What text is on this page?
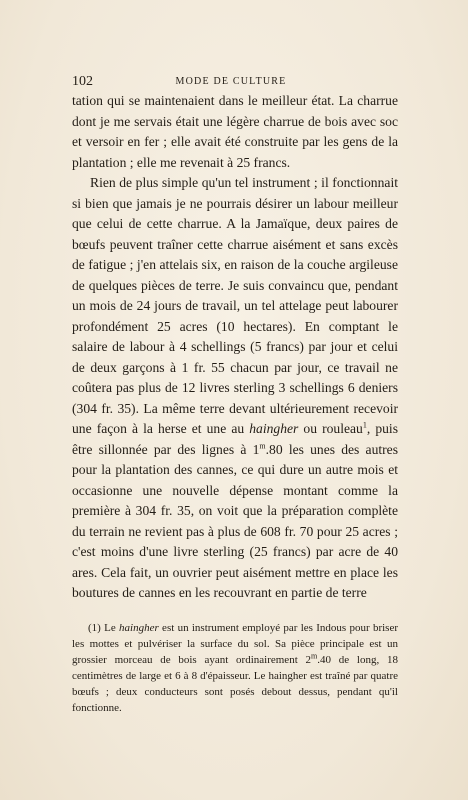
102	MODE DE CULTURE

tation qui se maintenaient dans le meilleur état. La charrue dont je me servais était une légère charrue de bois avec soc et versoir en fer ; elle avait été construite par les gens de la plantation ; elle me revenait à 25 francs.

Rien de plus simple qu'un tel instrument ; il fonctionnait si bien que jamais je ne pourrais désirer un labour meilleur que celui de cette charrue. A la Jamaïque, deux paires de bœufs peuvent traîner cette charrue aisément et sans excès de fatigue ; j'en attelais six, en raison de la couche argileuse de quelques pièces de terre. Je suis convaincu que, pendant un mois de 24 jours de travail, un tel attelage peut labourer profondément 25 acres (10 hectares). En comptant le salaire de labour à 4 schellings (5 francs) par jour et celui de deux garçons à 1 fr. 55 chacun par jour, ce travail ne coûtera pas plus de 12 livres sterling 3 schellings 6 deniers (304 fr. 35). La même terre devant ultérieurement recevoir une façon à la herse et une au haingher ou rouleau$^1$, puis être sillonnée par des lignes à 1$^m$.80 les unes des autres pour la plantation des cannes, ce qui dure un autre mois et occasionne une nouvelle dépense montant comme la première à 304 fr. 35, on voit que la préparation complète du terrain ne revient pas à plus de 608 fr. 70 pour 25 acres ; c'est moins d'une livre sterling (25 francs) par acre de 40 ares. Cela fait, un ouvrier peut aisément mettre en place les boutures de cannes en les recouvrant en partie de terre

(1) Le haingher est un instrument employé par les Indous pour briser les mottes et pulvériser la surface du sol. Sa pièce principale est un grossier morceau de bois ayant ordinairement 2$^m$.40 de long, 18 centimètres de large et 6 à 8 d'épaisseur. Le haingher est traîné par quatre bœufs ; deux conducteurs sont posés debout dessus, pendant qu'il fonctionne.
